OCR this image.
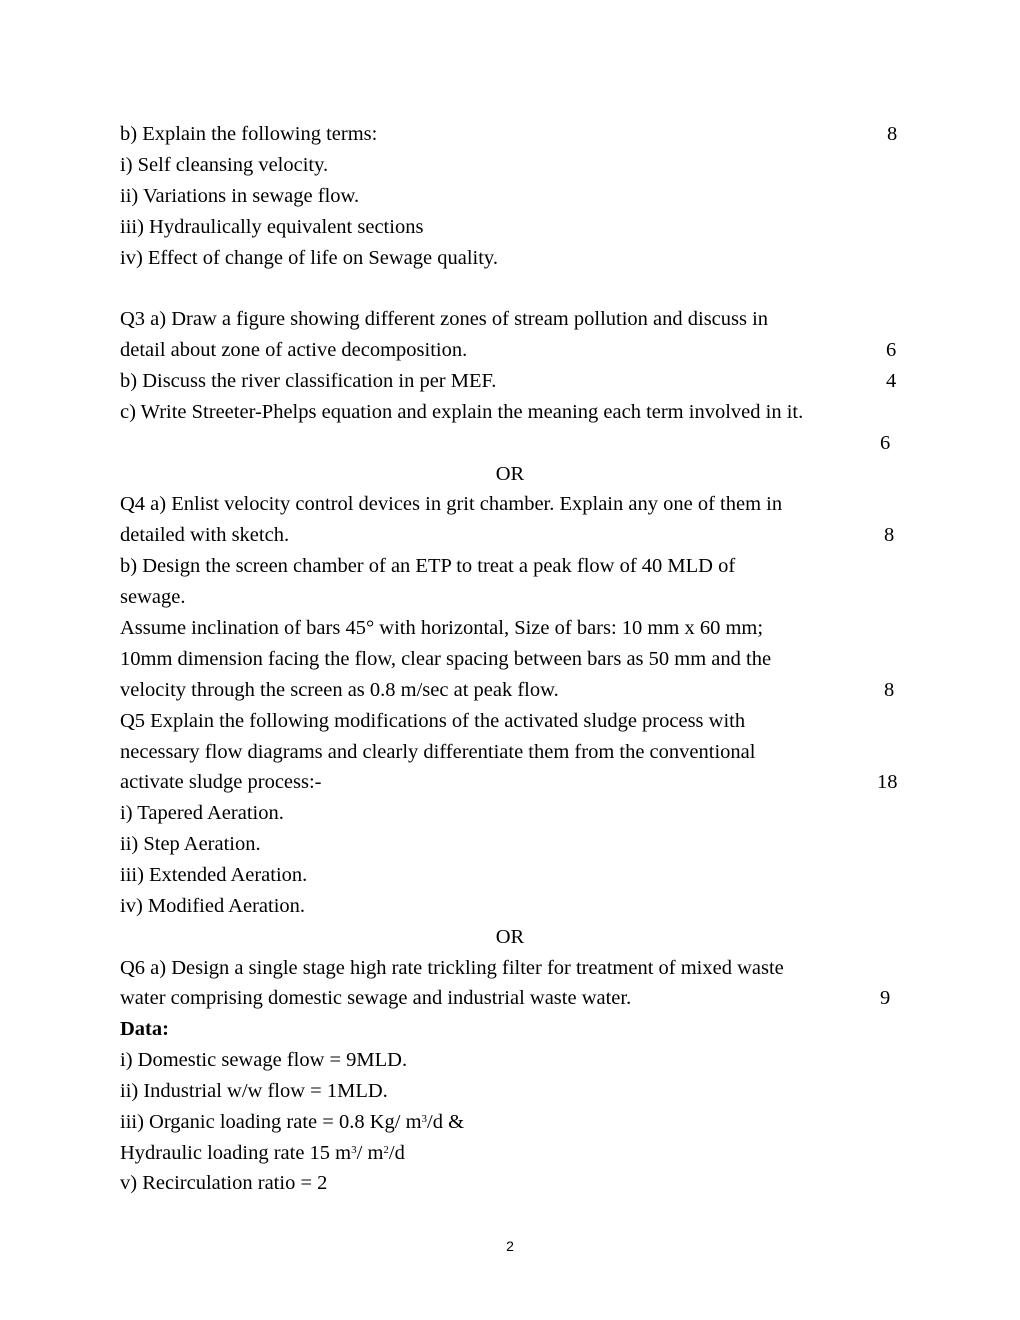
b) Explain the following terms:	8
i) Self cleansing velocity.
ii) Variations in sewage flow.
iii) Hydraulically equivalent sections
iv) Effect of change of life on Sewage quality.
Q3 a) Draw a figure showing different zones of stream pollution and discuss in
detail about zone of active decomposition.	6
b) Discuss the river classification in per MEF.	4
c) Write Streeter-Phelps equation and explain the meaning each term involved in it.
6
OR
Q4 a) Enlist velocity control devices in grit chamber. Explain any one of them in
detailed with sketch.	8
b) Design the screen chamber of an ETP to treat a peak flow of 40 MLD of
sewage.
Assume inclination of bars 45° with horizontal, Size of bars: 10 mm x 60 mm;
10mm dimension facing the flow, clear spacing between bars as 50 mm and the
velocity through the screen as 0.8 m/sec at peak flow.	8
Q5 Explain the following modifications of the activated sludge process with
necessary flow diagrams and clearly differentiate them from the conventional
activate sludge process:-	18
i) Tapered Aeration.
ii) Step Aeration.
iii) Extended Aeration.
iv) Modified Aeration.
OR
Q6 a) Design a single stage high rate trickling filter for treatment of mixed waste
water comprising domestic sewage and industrial waste water.	9
Data:
i) Domestic sewage flow = 9MLD.
ii) Industrial w/w flow = 1MLD.
iii) Organic loading rate = 0.8 Kg/ $m^3/d$ &
Hydraulic loading rate 15 $m^3/$ $m^2/d$
v) Recirculation ratio = 2
2
